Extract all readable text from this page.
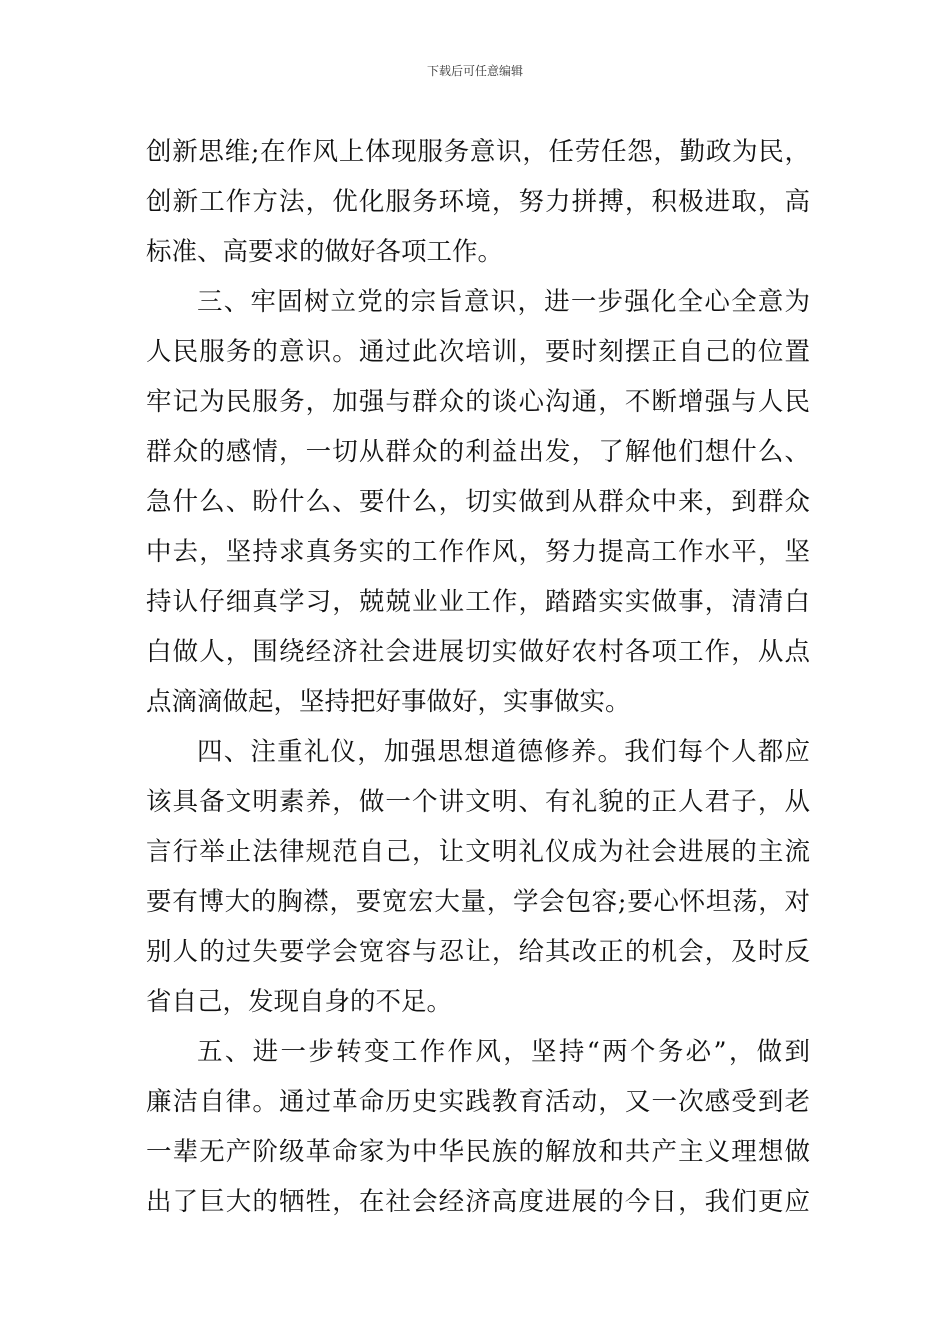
下载后可任意编辑
创新思维;在作风上体现服务意识，任劳任怨，勤政为民，
创新工作方法，优化服务环境，努力拼搏，积极进取，高
标准、高要求的做好各项工作。
三、牢固树立党的宗旨意识，进一步强化全心全意为
人民服务的意识。通过此次培训，要时刻摆正自己的位置
牢记为民服务，加强与群众的谈心沟通，不断增强与人民
群众的感情，一切从群众的利益出发，了解他们想什么、
急什么、盼什么、要什么，切实做到从群众中来，到群众
中去，坚持求真务实的工作作风，努力提高工作水平，坚
持认仔细真学习，兢兢业业工作，踏踏实实做事，清清白
白做人，围绕经济社会进展切实做好农村各项工作，从点
点滴滴做起，坚持把好事做好，实事做实。
四、注重礼仪，加强思想道德修养。我们每个人都应
该具备文明素养，做一个讲文明、有礼貌的正人君子，从
言行举止法律规范自己，让文明礼仪成为社会进展的主流
要有博大的胸襟，要宽宏大量，学会包容;要心怀坦荡，对
别人的过失要学会宽容与忍让，给其改正的机会，及时反
省自己，发现自身的不足。
五、进一步转变工作作风，坚持“两个务必”，做到
廉洁自律。通过革命历史实践教育活动，又一次感受到老
一辈无产阶级革命家为中华民族的解放和共产主义理想做
出了巨大的牺牲，在社会经济高度进展的今日，我们更应
